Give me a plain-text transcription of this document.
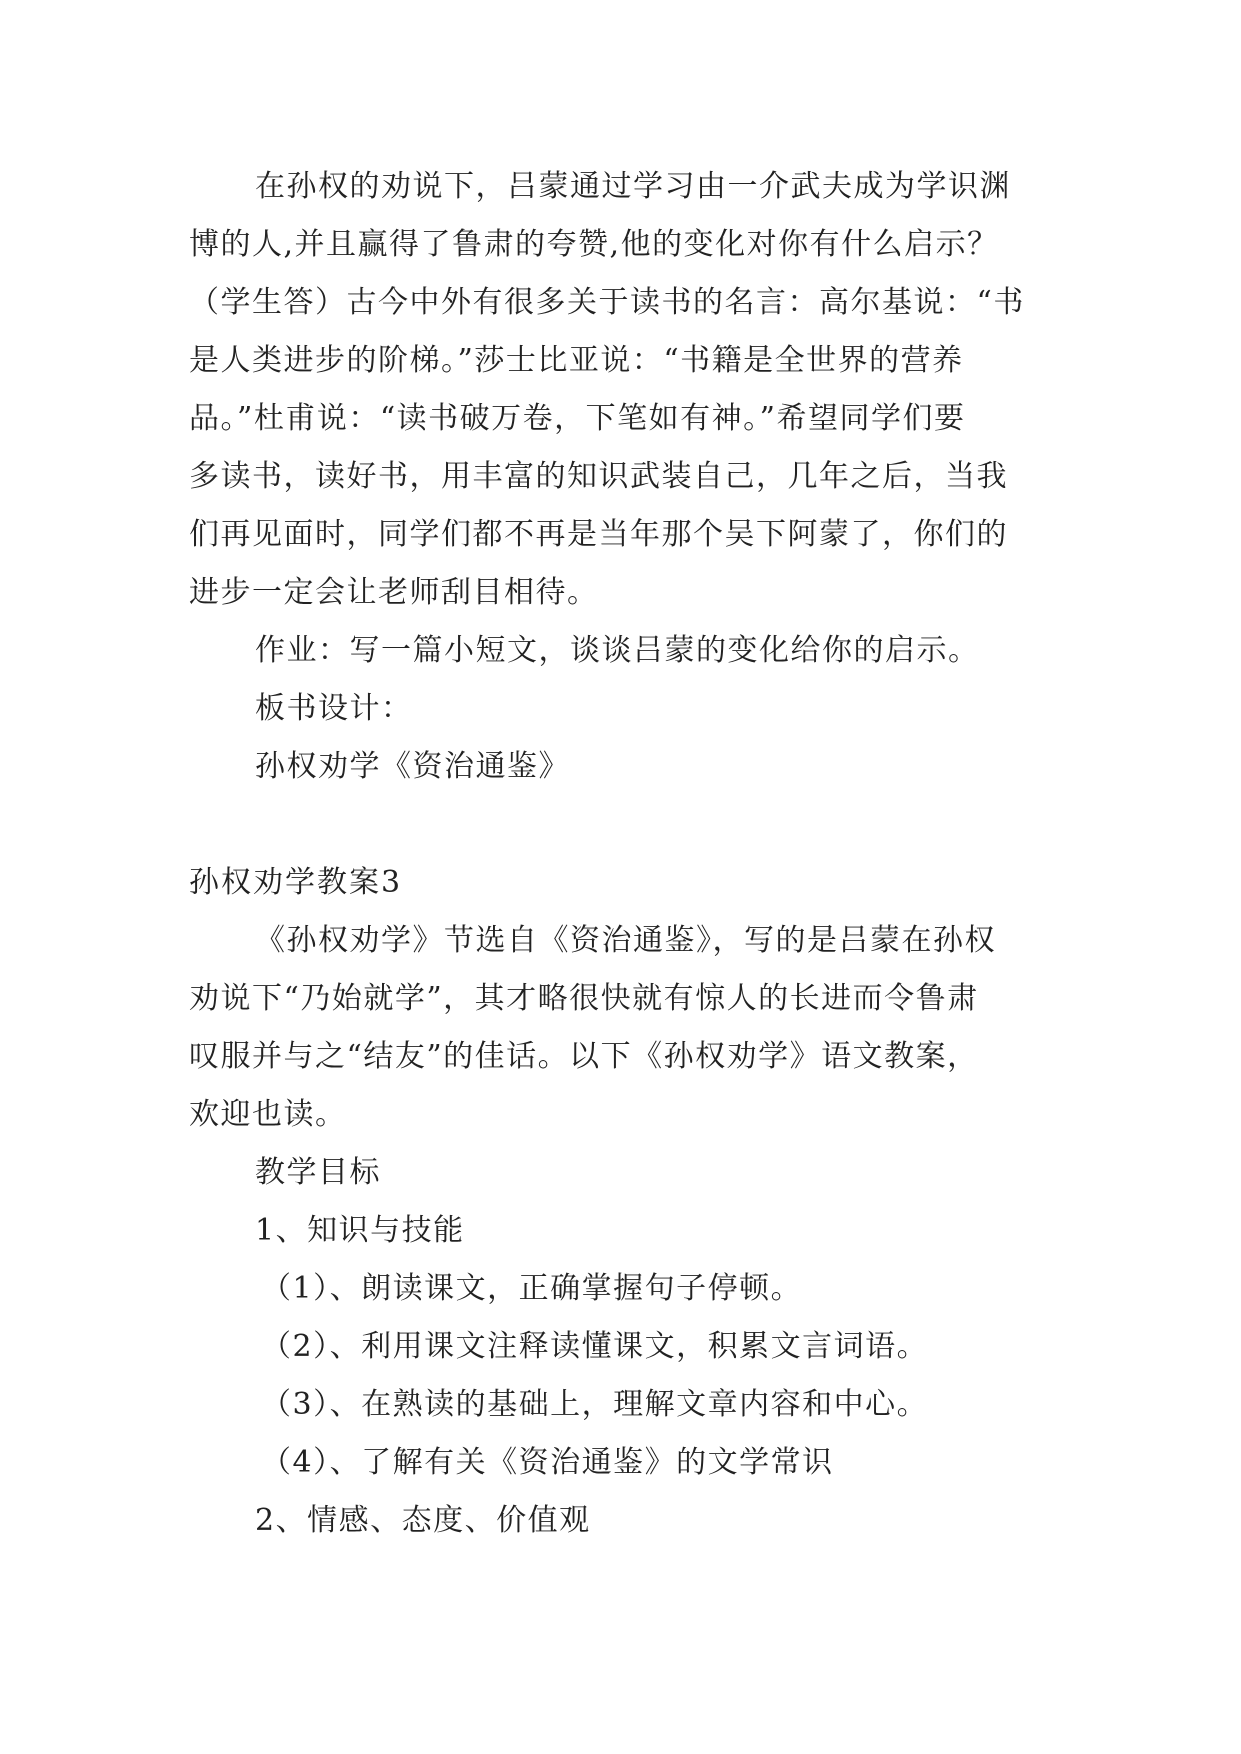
在孙权的劝说下，吕蒙通过学习由一介武夫成为学识渊
博的人,并且赢得了鲁肃的夸赞,他的变化对你有什么启示？
（学生答）古今中外有很多关于读书的名言：高尔基说：“书
是人类进步的阶梯。”莎士比亚说：“书籍是全世界的营养
品。”杜甫说：“读书破万卷，下笔如有神。”希望同学们要
多读书，读好书，用丰富的知识武装自己，几年之后，当我
们再见面时，同学们都不再是当年那个吴下阿蒙了，你们的
进步一定会让老师刮目相待。
作业：写一篇小短文，谈谈吕蒙的变化给你的启示。
板书设计：
孙权劝学《资治通鉴》
孙权劝学教案3
《孙权劝学》节选自《资治通鉴》，写的是吕蒙在孙权
劝说下“乃始就学”，其才略很快就有惊人的长进而令鲁肃
叹服并与之“结友”的佳话。以下《孙权劝学》语文教案，
欢迎也读。
教学目标
1、知识与技能
（1）、朗读课文，正确掌握句子停顿。
（2）、利用课文注释读懂课文，积累文言词语。
（3）、在熟读的基础上，理解文章内容和中心。
（4）、了解有关《资治通鉴》的文学常识
2、情感、态度、价值观
